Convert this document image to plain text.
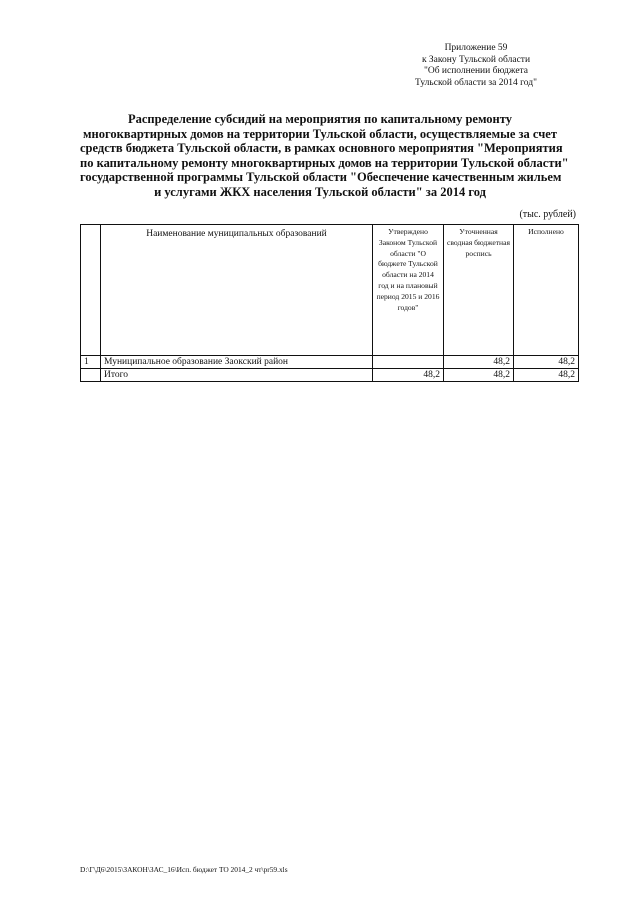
Приложение 59
к Закону Тульской области
"Об исполнении бюджета
Тульской области за 2014 год"
Распределение субсидий на мероприятия по капитальному ремонту
многоквартирных домов на территории Тульской области, осуществляемые за счет
средств бюджета Тульской области, в рамках основного мероприятия "Мероприятия
по капитальному ремонту многоквартирных домов на территории Тульской области"
государственной программы Тульской области "Обеспечение качественным жильем
и услугами ЖКХ населения Тульской области" за 2014 год
(тыс. рублей)
	Наименование муниципальных образований	Утверждено Законом Тульской области "О бюджете Тульской области на 2014 год и на плановый период 2015 и 2016 годов"	Уточненная сводная бюджетная роспись	Исполнено
1	Муниципальное образование Заокский район		48,2	48,2
	Итого	48,2	48,2	48,2
D:\Г\Д6\2015\ЗАКОН\ЗАС_16\Исп. бюджет ТО 2014_2 чт\pr59.xls
